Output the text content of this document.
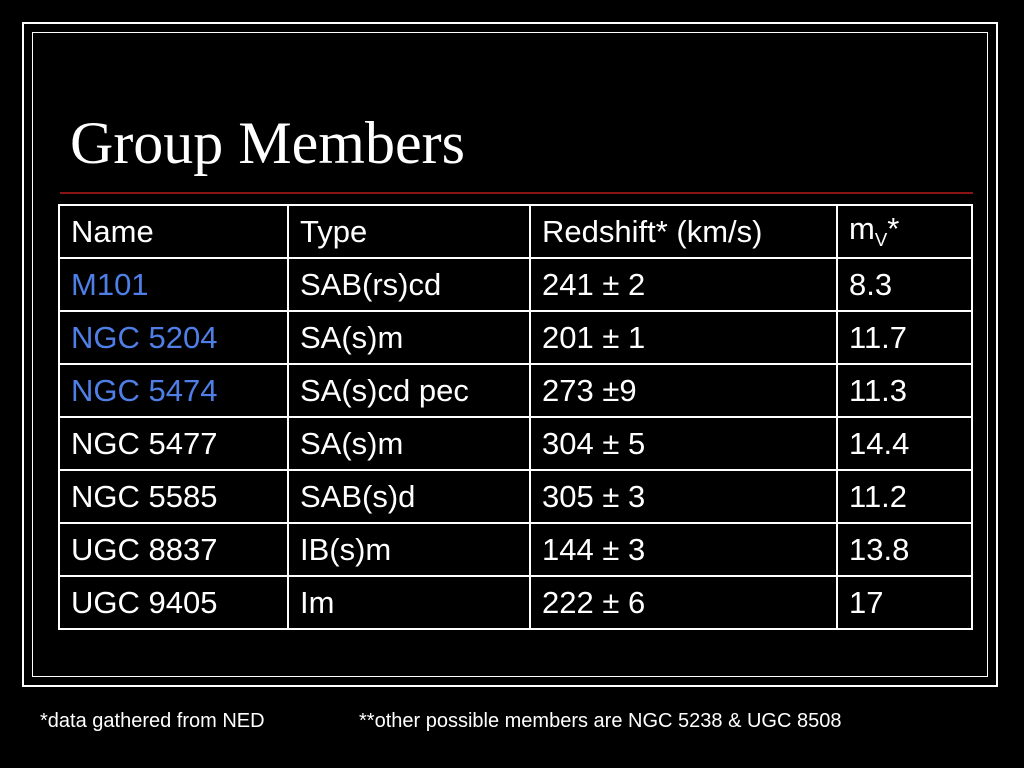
Group Members
Name	Type	Redshift* (km/s)	$m_V*$
M101	SAB(rs)cd	241 ± 2	8.3
NGC 5204	SA(s)m	201 ± 1	11.7
NGC 5474	SA(s)cd pec	273 ±9	11.3
NGC 5477	SA(s)m	304 ± 5	14.4
NGC 5585	SAB(s)d	305 ± 3	11.2
UGC 8837	IB(s)m	144 ± 3	13.8
UGC 9405	Im	222 ± 6	17
*data gathered from NED	**other possible members are NGC 5238 & UGC 8508
